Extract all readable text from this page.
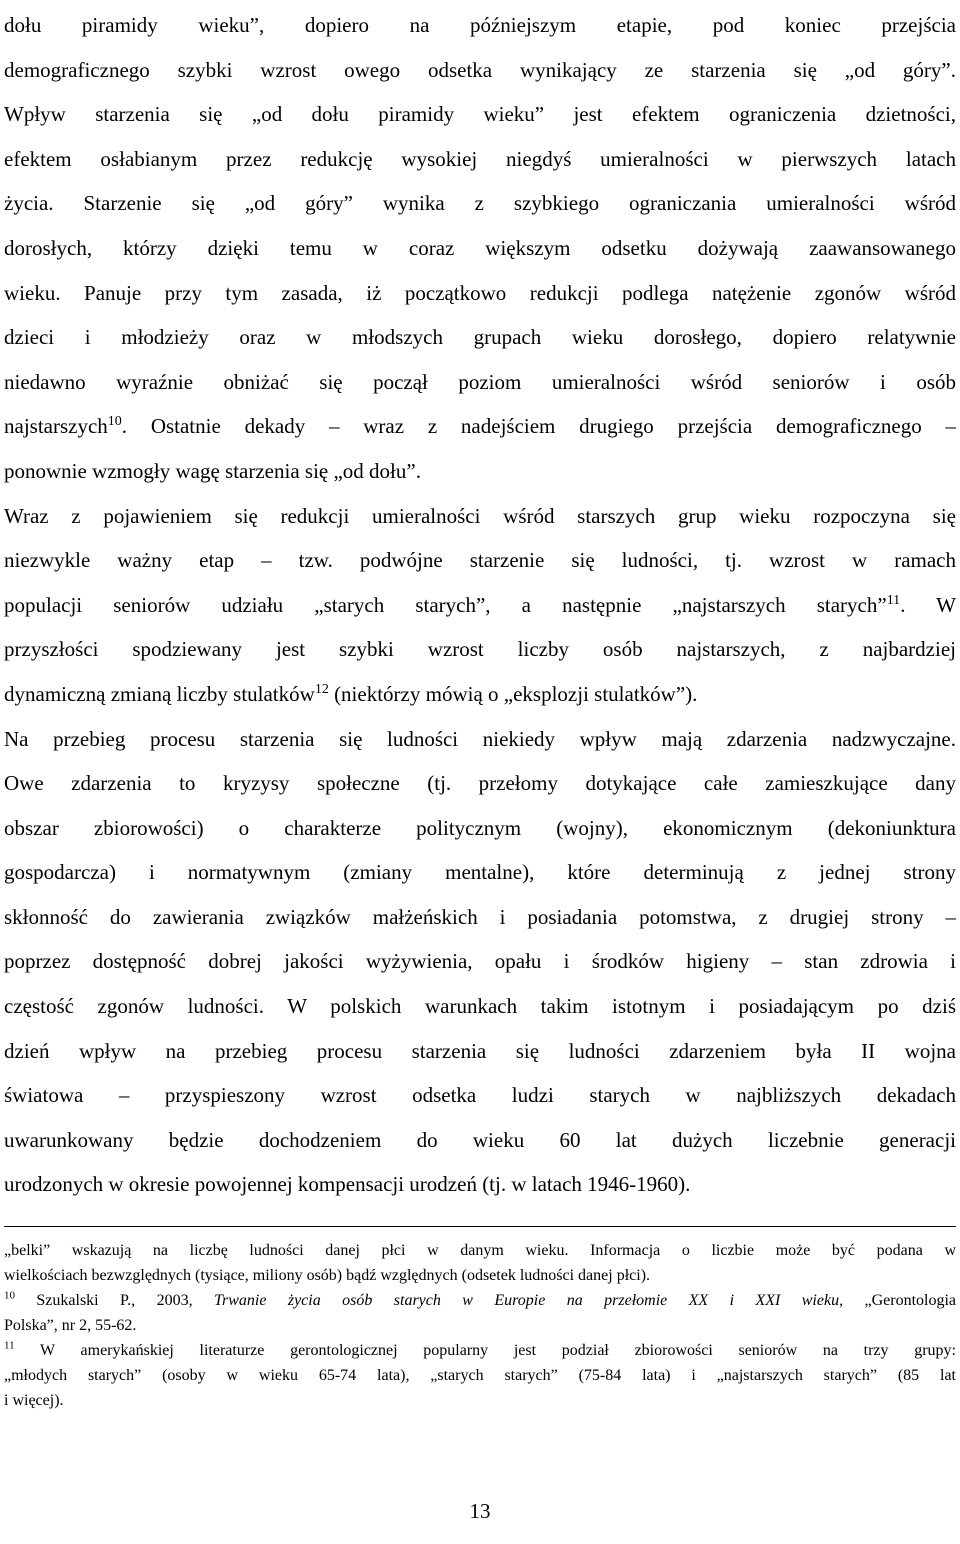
dołu piramidy wieku”, dopiero na późniejszym etapie, pod koniec przejścia
demograficznego szybki wzrost owego odsetka wynikający ze starzenia się „od góry”.
Wpływ starzenia się „od dołu piramidy wieku” jest efektem ograniczenia dzietności,
efektem osłabianym przez redukcję wysokiej niegdyś umieralności w pierwszych latach
życia. Starzenie się „od góry” wynika z szybkiego ograniczania umieralności wśród
dorosłych, którzy dzięki temu w coraz większym odsetku dożywają zaawansowanego
wieku. Panuje przy tym zasada, iż początkowo redukcji podlega natężenie zgonów wśród
dzieci i młodzieży oraz w młodszych grupach wieku dorosłego, dopiero relatywnie
niedawno wyraźnie obniżać się począł poziom umieralności wśród seniorów i osób
najstarszych$^{10}$. Ostatnie dekady – wraz z nadejściem drugiego przejścia demograficznego –
ponownie wzmogły wagę starzenia się „od dołu”.

Wraz z pojawieniem się redukcji umieralności wśród starszych grup wieku rozpoczyna się
niezwykle ważny etap – tzw. podwójne starzenie się ludności, tj. wzrost w ramach
populacji seniorów udziału „starych starych”, a następnie „najstarszych starych”$^{11}$. W
przyszłości spodziewany jest szybki wzrost liczby osób najstarszych, z najbardziej
dynamiczną zmianą liczby stulatków$^{12}$ (niektórzy mówią o „eksplozji stulatków”).

Na przebieg procesu starzenia się ludności niekiedy wpływ mają zdarzenia nadzwyczajne.
Owe zdarzenia to kryzysy społeczne (tj. przełomy dotykające całe zamieszkujące dany
obszar zbiorowości) o charakterze politycznym (wojny), ekonomicznym (dekoniunktura
gospodarcza) i normatywnym (zmiany mentalne), które determinują z jednej strony
skłonność do zawierania związków małżeńskich i posiadania potomstwa, z drugiej strony –
poprzez dostępność dobrej jakości wyżywienia, opału i środków higieny – stan zdrowia i
częstość zgonów ludności. W polskich warunkach takim istotnym i posiadającym po dziś
dzień wpływ na przebieg procesu starzenia się ludności zdarzeniem była II wojna
światowa – przyspieszony wzrost odsetka ludzi starych w najbliższych dekadach
uwarunkowany będzie dochodzeniem do wieku 60 lat dużych liczebnie generacji
urodzonych w okresie powojennej kompensacji urodzeń (tj. w latach 1946-1960).

„belki” wskazują na liczbę ludności danej płci w danym wieku. Informacja o liczbie może być podana w
wielkościach bezwzględnych (tysiące, miliony osób) bądź względnych (odsetek ludności danej płci).
$^{10}$ Szukalski P., 2003, Trwanie życia osób starych w Europie na przełomie XX i XXI wieku, „Gerontologia
Polska”, nr 2, 55-62.
$^{11}$ W amerykańskiej literaturze gerontologicznej popularny jest podział zbiorowości seniorów na trzy grupy:
„młodych starych” (osoby w wieku 65-74 lata), „starych starych” (75-84 lata) i „najstarszych starych” (85 lat
i więcej).
13
